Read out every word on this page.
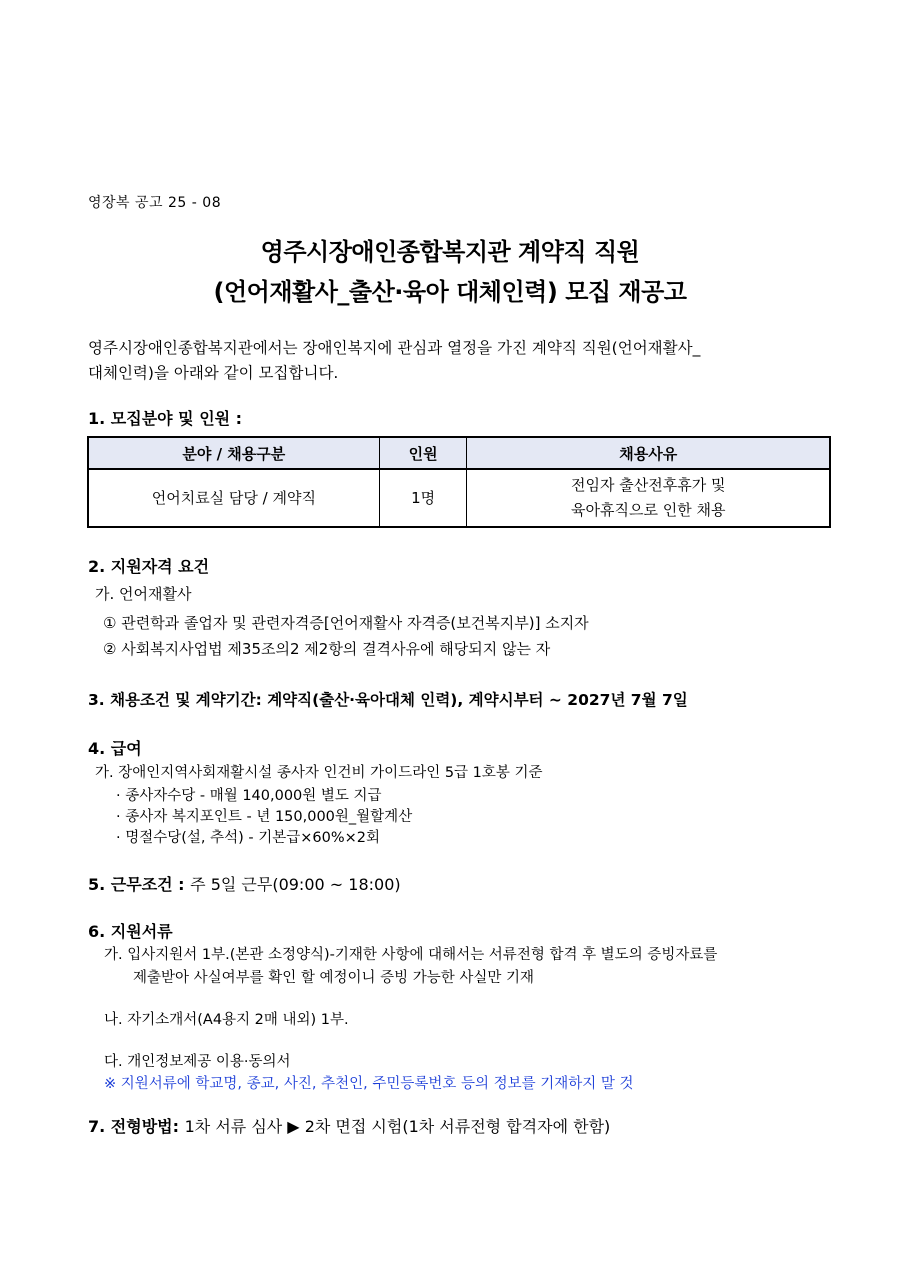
영장복 공고 25 - 08
영주시장애인종합복지관 계약직 직원
(언어재활사_출산·육아 대체인력) 모집 재공고
영주시장애인종합복지관에서는 장애인복지에 관심과 열정을 가진 계약직 직원(언어재활사_
대체인력)을 아래와 같이 모집합니다.
1. 모집분야 및 인원 :
분야 / 채용구분	인원	채용사유
언어치료실 담당 / 계약직	1명	전임자 출산전후휴가 및
육아휴직으로 인한 채용
2. 지원자격 요건
가. 언어재활사
① 관련학과 졸업자 및 관련자격증[언어재활사 자격증(보건복지부)] 소지자
② 사회복지사업법 제35조의2 제2항의 결격사유에 해당되지 않는 자
3. 채용조건 및 계약기간: 계약직(출산·육아대체 인력), 계약시부터 ~ 2027년 7월 7일
4. 급여
가. 장애인지역사회재활시설 종사자 인건비 가이드라인 5급 1호봉 기준
· 종사자수당 - 매월 140,000원 별도 지급
· 종사자 복지포인트 - 년 150,000원_월할계산
· 명절수당(설, 추석) - 기본급×60%×2회
5. 근무조건 : 주 5일 근무(09:00 ~ 18:00)
6. 지원서류
가. 입사지원서 1부.(본관 소정양식)-기재한 사항에 대해서는 서류전형 합격 후 별도의 증빙자료를
제출받아 사실여부를 확인 할 예정이니 증빙 가능한 사실만 기재
나. 자기소개서(A4용지 2매 내외) 1부.
다. 개인정보제공 이용·동의서
※ 지원서류에 학교명, 종교, 사진, 추천인, 주민등록번호 등의 정보를 기재하지 말 것
7. 전형방법: 1차 서류 심사 ▶ 2차 면접 시험(1차 서류전형 합격자에 한함)
